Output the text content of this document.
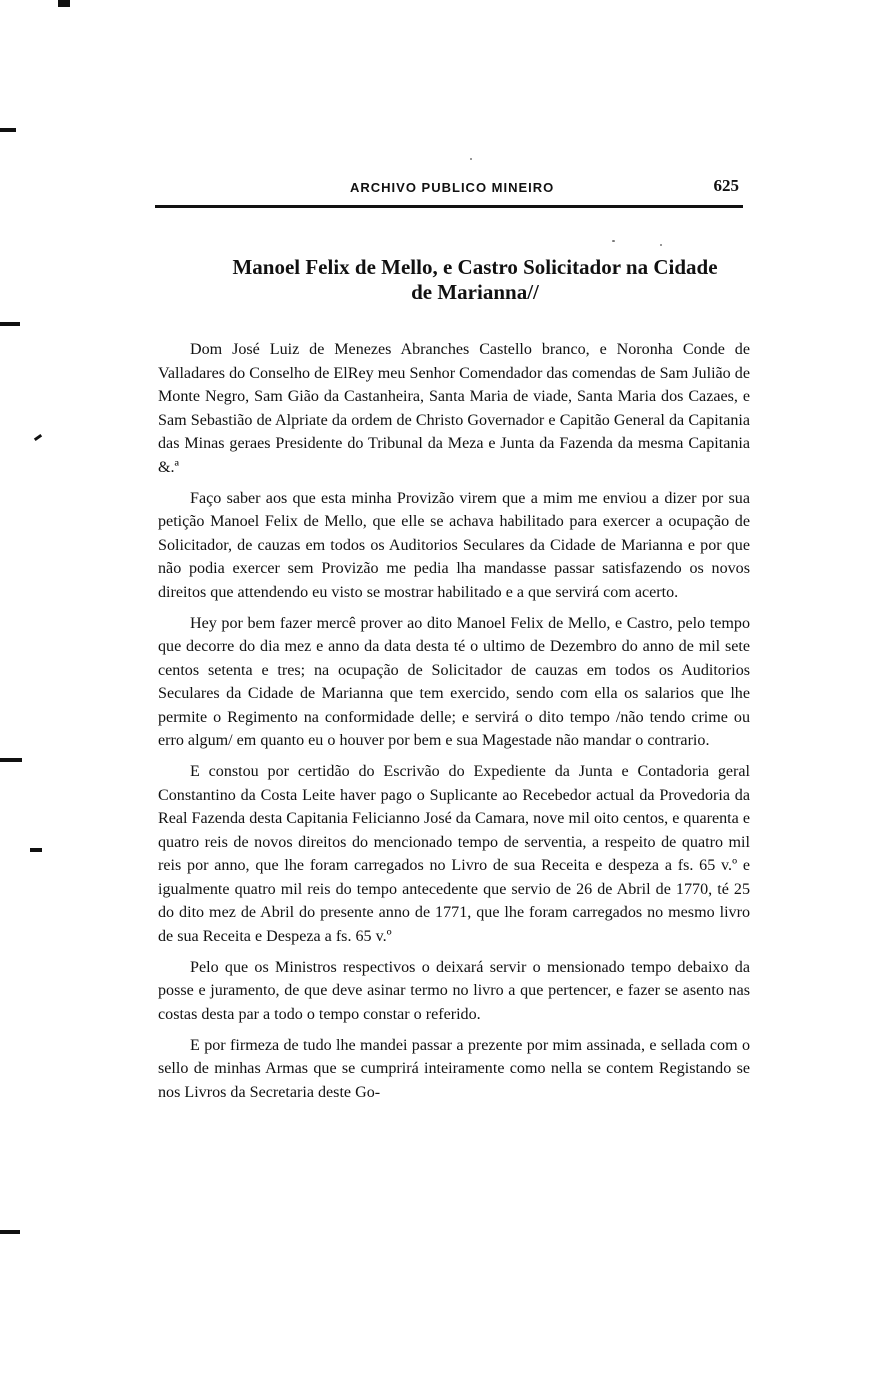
ARCHIVO PUBLICO MINEIRO	625
Manoel Felix de Mello, e Castro Solicitador na Cidade
de Marianna//

Dom José Luiz de Menezes Abranches Castello branco, e Noronha Conde de Valladares do Conselho de ElRey meu Senhor Comendador das comendas de Sam Julião de Monte Negro, Sam Gião da Castanheira, Santa Maria de viade, Santa Maria dos Cazaes, e Sam Sebastião de Alpriate da ordem de Christo Governador e Capitão General da Capitania das Minas geraes Presidente do Tribunal da Meza e Junta da Fazenda da mesma Capitania &.ª

Faço saber aos que esta minha Provizão virem que a mim me enviou a dizer por sua petição Manoel Felix de Mello, que elle se achava habilitado para exercer a ocupação de Solicitador, de cauzas em todos os Auditorios Seculares da Cidade de Marianna e por que não podia exercer sem Provizão me pedia lha mandasse passar satisfazendo os novos direitos que attendendo eu visto se mostrar habilitado e a que servirá com acerto.

Hey por bem fazer mercê prover ao dito Manoel Felix de Mello, e Castro, pelo tempo que decorre do dia mez e anno da data desta té o ultimo de Dezembro do anno de mil sete centos setenta e tres; na ocupação de Solicitador de cauzas em todos os Auditorios Seculares da Cidade de Marianna que tem exercido, sendo com ella os salarios que lhe permite o Regimento na conformidade delle; e servirá o dito tempo /não tendo crime ou erro algum/ em quanto eu o houver por bem e sua Magestade não mandar o contrario.

E constou por certidão do Escrivão do Expediente da Junta e Contadoria geral Constantino da Costa Leite haver pago o Suplicante ao Recebedor actual da Provedoria da Real Fazenda desta Capitania Felicianno José da Camara, nove mil oito centos, e quarenta e quatro reis de novos direitos do mencionado tempo de serventia, a respeito de quatro mil reis por anno, que lhe foram carregados no Livro de sua Receita e despeza a fs. 65 v.º e igualmente quatro mil reis do tempo antecedente que servio de 26 de Abril de 1770, té 25 do dito mez de Abril do presente anno de 1771, que lhe foram carregados no mesmo livro de sua Receita e Despeza a fs. 65 v.º

Pelo que os Ministros respectivos o deixará servir o mensionado tempo debaixo da posse e juramento, de que deve asinar termo no livro a que pertencer, e fazer se asento nas costas desta par a todo o tempo constar o referido.

E por firmeza de tudo lhe mandei passar a prezente por mim assinada, e sellada com o sello de minhas Armas que se cumprirá inteiramente como nella se contem Registando se nos Livros da Secretaria deste Go-
